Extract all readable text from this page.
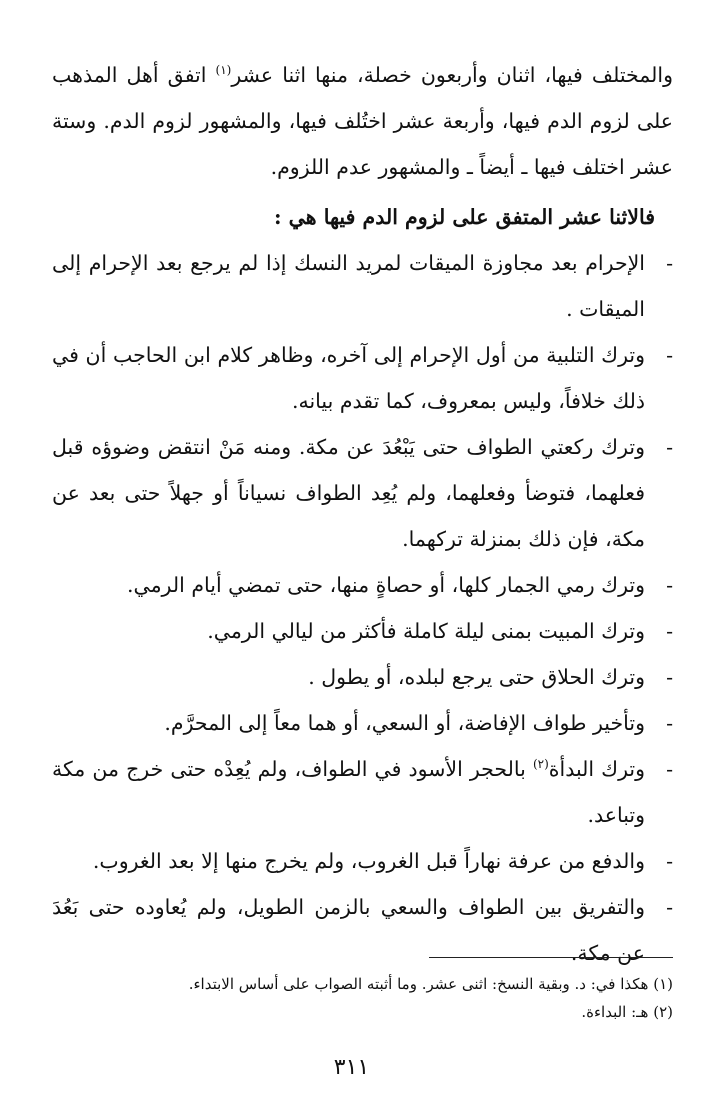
والمختلف فيها، اثنان وأربعون خصلة، منها اثنا عشر$^{(١)}$ اتفق أهل المذهب على لزوم الدم فيها، وأربعة عشر اختُلف فيها، والمشهور لزوم الدم. وستة عشر اختلف فيها ـ أيضاً ـ والمشهور عدم اللزوم.

فالاثنا عشر المتفق على لزوم الدم فيها هي :

-
الإحرام بعد مجاوزة الميقات لمريد النسك إذا لم يرجع بعد الإحرام إلى الميقات .
-
وترك التلبية من أول الإحرام إلى آخره، وظاهر كلام ابن الحاجب أن في ذلك خلافاً، وليس بمعروف، كما تقدم بيانه.
-
وترك ركعتي الطواف حتى يَبْعُدَ عن مكة. ومنه مَنْ انتقض وضوؤه قبل فعلهما، فتوضأ وفعلهما، ولم يُعِد الطواف نسياناً أو جهلاً حتى بعد عن مكة، فإن ذلك بمنزلة تركهما.
-
وترك رمي الجمار كلها، أو حصاةٍ منها، حتى تمضي أيام الرمي.
-
وترك المبيت بمنى ليلة كاملة فأكثر من ليالي الرمي.
-
وترك الحلاق حتى يرجع لبلده، أو يطول .
-
وتأخير طواف الإفاضة، أو السعي، أو هما معاً إلى المحرَّم.
-
وترك البدأة$^{(٢)}$ بالحجر الأسود في الطواف، ولم يُعِدْه حتى خرج من مكة وتباعد.
-
والدفع من عرفة نهاراً قبل الغروب، ولم يخرج منها إلا بعد الغروب.
-
والتفريق بين الطواف والسعي بالزمن الطويل، ولم يُعاوده حتى بَعُدَ عن مكة.

(١) هكذا في: د. وبقية النسخ: اثنى عشر. وما أثبته الصواب على أساس الابتداء.

(٢) هـ: البداءة.

٣١١
